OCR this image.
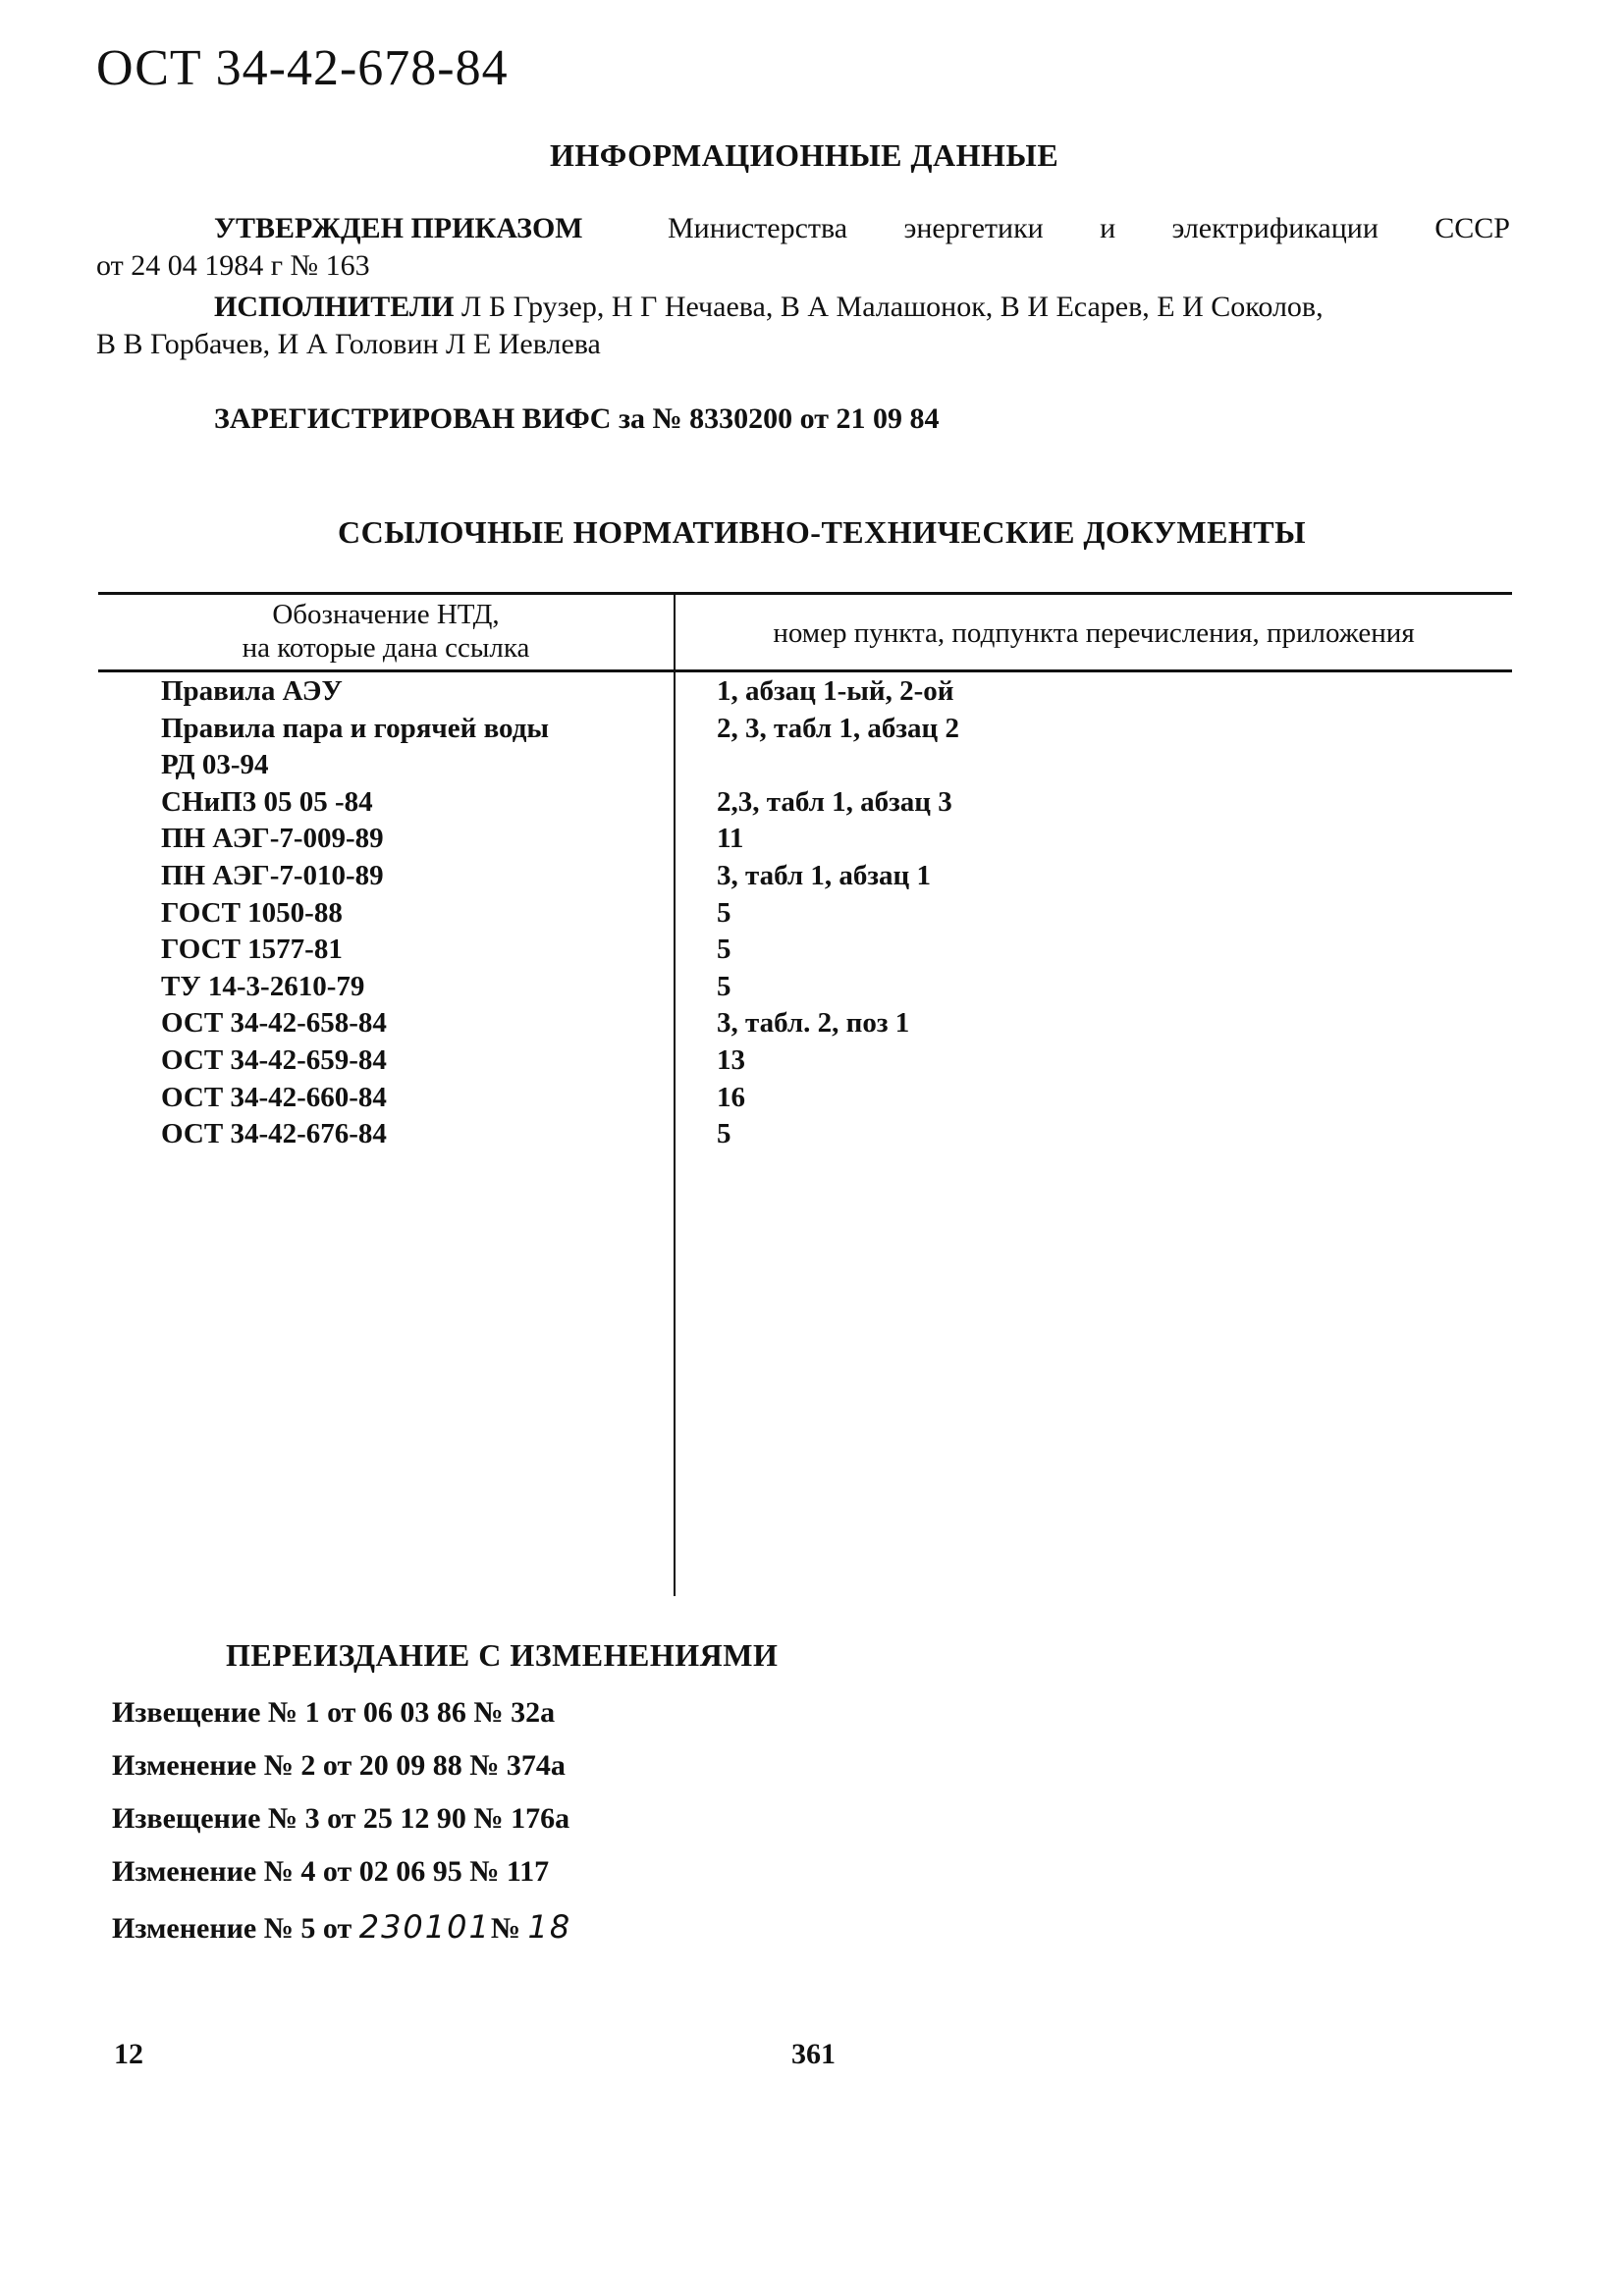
ОСТ 34-42-678-84
ИНФОРМАЦИОННЫЕ ДАННЫЕ
УТВЕРЖДЕН ПРИКАЗОМ	Министерства энергетики и электрификации СССР
от 24 04 1984 г № 163
ИСПОЛНИТЕЛИ Л Б Грузер, Н Г Нечаева, В А Малашонок, В И Есарев, Е И Соколов,
В В Горбачев, И А Головин Л Е Иевлева
ЗАРЕГИСТРИРОВАН ВИФС за № 8330200 от 21 09 84
ССЫЛОЧНЫЕ НОРМАТИВНО-ТЕХНИЧЕСКИЕ ДОКУМЕНТЫ
Обозначение НТД,
на которые дана ссылка	номер пункта, подпункта перечисления, приложения
Правила АЭУ	1, абзац 1-ый, 2-ой
Правила пара и горячей воды	2, 3, табл 1, абзац 2
РД 03-94
СНиП3 05 05 -84	2,3, табл 1, абзац 3
ПН АЭГ-7-009-89	11
ПН АЭГ-7-010-89	3, табл 1, абзац 1
ГОСТ 1050-88	5
ГОСТ 1577-81	5
ТУ 14-3-2610-79	5
ОСТ 34-42-658-84	3, табл. 2, поз 1
ОСТ 34-42-659-84	13
ОСТ 34-42-660-84	16
ОСТ 34-42-676-84	5
ПЕРЕИЗДАНИЕ С ИЗМЕНЕНИЯМИ
Извещение № 1 от 06 03 86 № 32а
Изменение № 2 от 20 09 88 № 374а
Извещение № 3 от 25 12 90 № 176а
Изменение № 4 от 02 06 95 № 117
Изменение № 5 от 230101№ 18
12	361
